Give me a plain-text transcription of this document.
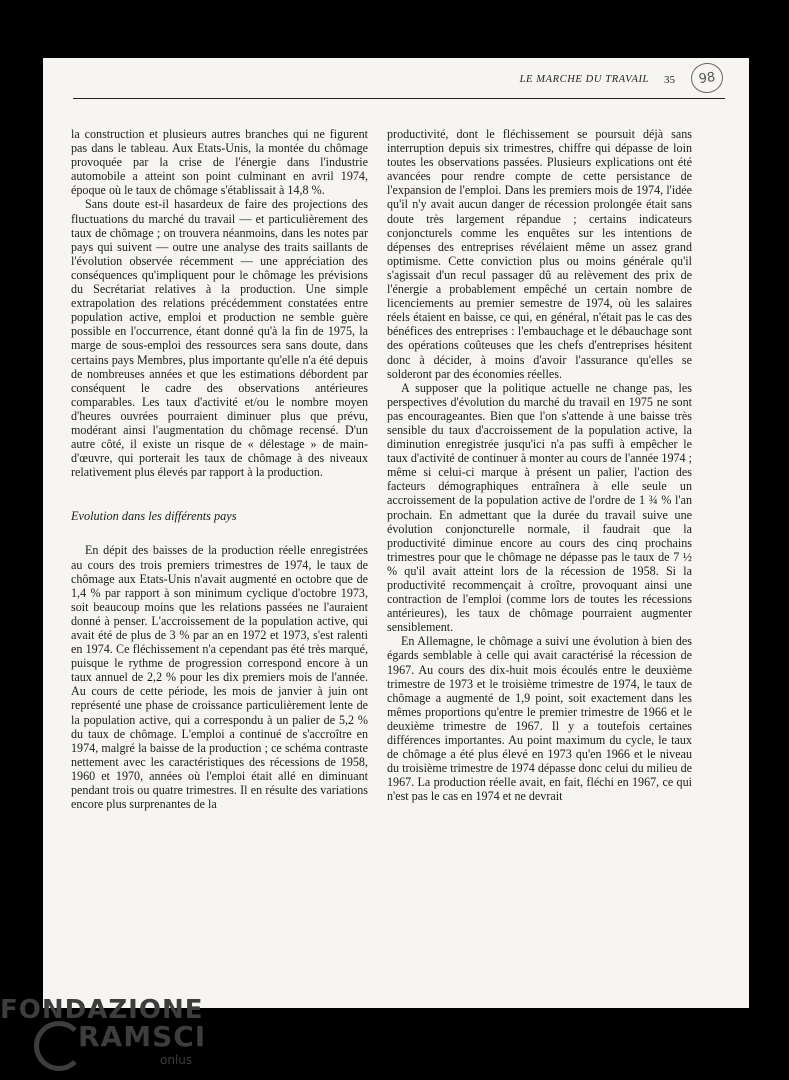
LE MARCHE DU TRAVAIL 35	98

la construction et plusieurs autres branches qui ne figurent pas dans le tableau. Aux Etats-Unis, la montée du chômage provoquée par la crise de l'énergie dans l'industrie automobile a atteint son point culminant en avril 1974, époque où le taux de chômage s'établissait à 14,8 %.

Sans doute est-il hasardeux de faire des projections des fluctuations du marché du travail — et particulièrement des taux de chômage ; on trouvera néanmoins, dans les notes par pays qui suivent — outre une analyse des traits saillants de l'évolution observée récemment — une appréciation des conséquences qu'impliquent pour le chômage les prévisions du Secrétariat relatives à la production. Une simple extrapolation des relations précédemment constatées entre population active, emploi et production ne semble guère possible en l'occurrence, étant donné qu'à la fin de 1975, la marge de sous-emploi des ressources sera sans doute, dans certains pays Membres, plus importante qu'elle n'a été depuis de nombreuses années et que les estimations débordent par conséquent le cadre des observations antérieures comparables. Les taux d'activité et/ou le nombre moyen d'heures ouvrées pourraient diminuer plus que prévu, modérant ainsi l'augmentation du chômage recensé. D'un autre côté, il existe un risque de « délestage » de main-d'œuvre, qui porterait les taux de chômage à des niveaux relativement plus élevés par rapport à la production.

Evolution dans les différents pays

En dépit des baisses de la production réelle enregistrées au cours des trois premiers trimestres de 1974, le taux de chômage aux Etats-Unis n'avait augmenté en octobre que de 1,4 % par rapport à son minimum cyclique d'octobre 1973, soit beaucoup moins que les relations passées ne l'auraient donné à penser. L'accroissement de la population active, qui avait été de plus de 3 % par an en 1972 et 1973, s'est ralenti en 1974. Ce fléchissement n'a cependant pas été très marqué, puisque le rythme de progression correspond encore à un taux annuel de 2,2 % pour les dix premiers mois de l'année. Au cours de cette période, les mois de janvier à juin ont représenté une phase de croissance particulièrement lente de la population active, qui a correspondu à un palier de 5,2 % du taux de chômage. L'emploi a continué de s'accroître en 1974, malgré la baisse de la production ; ce schéma contraste nettement avec les caractéristiques des récessions de 1958, 1960 et 1970, années où l'emploi était allé en diminuant pendant trois ou quatre trimestres. Il en résulte des variations encore plus surprenantes de la

productivité, dont le fléchissement se poursuit déjà sans interruption depuis six trimestres, chiffre qui dépasse de loin toutes les observations passées. Plusieurs explications ont été avancées pour rendre compte de cette persistance de l'expansion de l'emploi. Dans les premiers mois de 1974, l'idée qu'il n'y avait aucun danger de récession prolongée était sans doute très largement répandue ; certains indicateurs conjoncturels comme les enquêtes sur les intentions de dépenses des entreprises révélaient même un assez grand optimisme. Cette conviction plus ou moins générale qu'il s'agissait d'un recul passager dû au relèvement des prix de l'énergie a probablement empêché un certain nombre de licenciements au premier semestre de 1974, où les salaires réels étaient en baisse, ce qui, en général, n'était pas le cas des bénéfices des entreprises : l'embauchage et le débauchage sont des opérations coûteuses que les chefs d'entreprises hésitent donc à décider, à moins d'avoir l'assurance qu'elles se solderont par des économies réelles.

A supposer que la politique actuelle ne change pas, les perspectives d'évolution du marché du travail en 1975 ne sont pas encourageantes. Bien que l'on s'attende à une baisse très sensible du taux d'accroissement de la population active, la diminution enregistrée jusqu'ici n'a pas suffi à empêcher le taux d'activité de continuer à monter au cours de l'année 1974 ; même si celui-ci marque à présent un palier, l'action des facteurs démographiques entraînera à elle seule un accroissement de la population active de l'ordre de 1 ¾ % l'an prochain. En admettant que la durée du travail suive une évolution conjoncturelle normale, il faudrait que la productivité diminue encore au cours des cinq prochains trimestres pour que le chômage ne dépasse pas le taux de 7 ½ % qu'il avait atteint lors de la récession de 1958. Si la productivité recommençait à croître, provoquant ainsi une contraction de l'emploi (comme lors de toutes les récessions antérieures), les taux de chômage pourraient augmenter sensiblement.

En Allemagne, le chômage a suivi une évolution à bien des égards semblable à celle qui avait caractérisé la récession de 1967. Au cours des dix-huit mois écoulés entre le deuxième trimestre de 1973 et le troisième trimestre de 1974, le taux de chômage a augmenté de 1,9 point, soit exactement dans les mêmes proportions qu'entre le premier trimestre de 1966 et le deuxième trimestre de 1967. Il y a toutefois certaines différences importantes. Au point maximum du cycle, le taux de chômage a été plus élevé en 1973 qu'en 1966 et le niveau du troisième trimestre de 1974 dépasse donc celui du milieu de 1967. La production réelle avait, en fait, fléchi en 1967, ce qui n'est pas le cas en 1974 et ne devrait

FONDAZIONE
RAMSCI
onlus
